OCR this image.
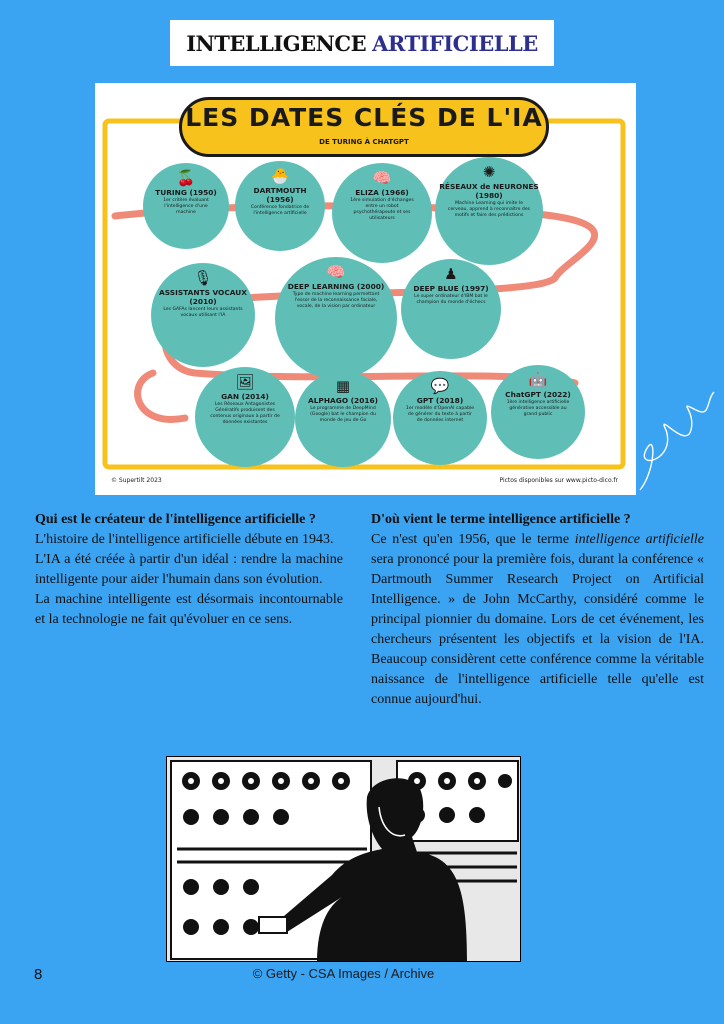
INTELLIGENCE ARTIFICIELLE
LES DATES CLÉS DE L'IA
DE TURING À CHATGPT
🍒
TURING (1950)
1er critère évaluant l'intelligence d'une machine
🐣
DARTMOUTH (1956)
Conférence fondatrice de l'intelligence artificielle
🧠
ELIZA (1966)
1ère simulation d'échanges entre un robot psychothérapeute et ses utilisateurs
✺
RÉSEAUX de NEURONES (1980)
Machine Learning qui imite le cerveau, apprend à reconnaître des motifs et faire des prédictions
🎙
ASSISTANTS VOCAUX (2010)
Les GAFAs lancent leurs assistants vocaux utilisant l'IA
🧠
DEEP LEARNING (2000)
Type de machine learning permettant l'essor de la reconnaissance faciale, vocale, de la vision par ordinateur
♟
DEEP BLUE (1997)
Le super ordinateur d'IBM bat le champion du monde d'échecs
🖼
GAN (2014)
Les Réseaux Antagonistes Génératifs produisent des contenus originaux à partir de données existantes
▦
ALPHAGO (2016)
Le programme de DeepMind (Google) bat le champion du monde de jeu de Go
💬
GPT (2018)
1er modèle d'OpenAI capable de générer du texte à partir de données internet
🤖
ChatGPT (2022)
1ère intelligence artificielle générative accessible au grand public
© Supertilt 2023	Pictos disponibles sur www.picto-dico.fr
Qui est le créateur de l'intelligence artificielle ?

L'histoire de l'intelligence artificielle débute en 1943.

L'IA a été créée à partir d'un idéal : rendre la machine intelligente pour aider l'humain dans son évolution.

La machine intelligente est désormais incontournable et la technologie ne fait qu'évoluer en ce sens.

D'où vient le terme intelligence artificielle ?

Ce n'est qu'en 1956, que le terme intelligence artificielle sera prononcé pour la première fois, durant la conférence « Dartmouth Summer Research Project on Artificial Intelligence. » de John McCarthy, considéré comme le principal pionnier du domaine. Lors de cet événement, les chercheurs présentent les objectifs et la vision de l'IA. Beaucoup considèrent cette conférence comme la véritable naissance de l'intelligence artificielle telle qu'elle est connue aujourd'hui.

© Getty - CSA Images / Archive
8
